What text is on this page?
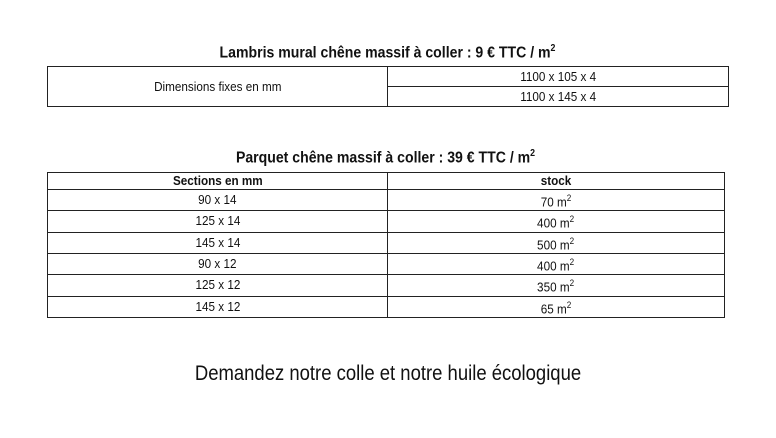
Lambris mural chêne massif à coller : 9 € TTC / $m^2$
Dimensions fixes en mm	1100 x 105 x 4
1100 x 145 x 4
Parquet chêne massif à coller : 39 € TTC / $m^2$
Sections en mm	stock
90 x 14	70 $m^2$
125 x 14	400 $m^2$
145 x 14	500 $m^2$
90 x 12	400 $m^2$
125 x 12	350 $m^2$
145 x 12	65 $m^2$
Demandez notre colle et notre huile écologique
